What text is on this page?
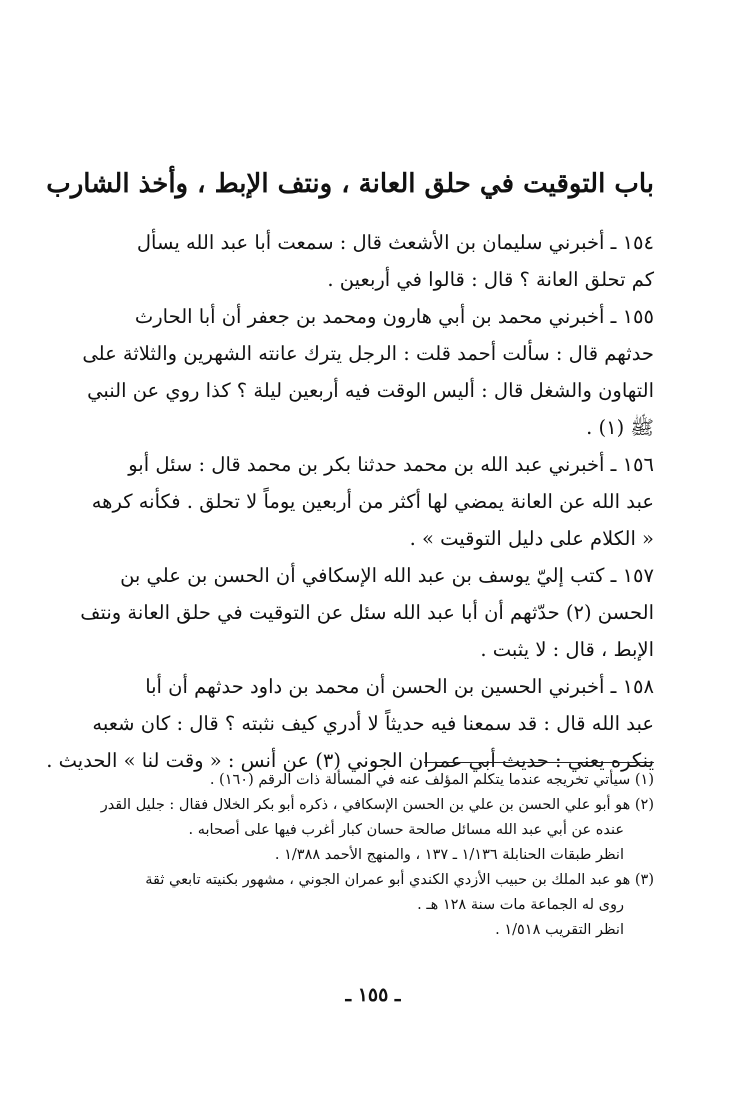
باب التوقيت في حلق العانة ، ونتف الإبط ، وأخذ الشارب
١٥٤ ـ أخبرني سليمان بن الأشعث قال : سمعت أبا عبد الله يسأل
كم تحلق العانة ؟ قال : قالوا في أربعين .
١٥٥ ـ أخبرني محمد بن أبي هارون ومحمد بن جعفر أن أبا الحارث
حدثهم قال : سألت أحمد قلت : الرجل يترك عانته الشهرين والثلاثة على
التهاون والشغل قال : أليس الوقت فيه أربعين ليلة ؟ كذا روي عن النبي
ﷺ (١) .
١٥٦ ـ أخبرني عبد الله بن محمد حدثنا بكر بن محمد قال : سئل أبو
عبد الله عن العانة يمضي لها أكثر من أربعين يوماً لا تحلق . فكأنه كرهه
« الكلام على دليل التوقيت » .
١٥٧ ـ كتب إليّ يوسف بن عبد الله الإسكافي أن الحسن بن علي بن
الحسن (٢) حدّثهم أن أبا عبد الله سئل عن التوقيت في حلق العانة ونتف
الإبط ، قال : لا يثبت .
١٥٨ ـ أخبرني الحسين بن الحسن أن محمد بن داود حدثهم أن أبا
عبد الله قال : قد سمعنا فيه حديثاً لا أدري كيف نثبته ؟ قال : كان شعبه
ينكره يعني : حديث أبي عمران الجوني (٣) عن أنس : « وقت لنا » الحديث .
(١) سيأتي تخريجه عندما يتكلم المؤلف عنه في المسألة ذات الرقم (١٦٠) .
(٢) هو أبو علي الحسن بن علي بن الحسن الإسكافي ، ذكره أبو بكر الخلال فقال : جليل القدر
عنده عن أبي عبد الله مسائل صالحة حسان كبار أغرب فيها على أصحابه .
انظر طبقات الحنابلة ١/١٣٦ ـ ١٣٧ ، والمنهج الأحمد ١/٣٨٨ .
(٣) هو عبد الملك بن حبيب الأزدي الكندي أبو عمران الجوني ، مشهور بكنيته تابعي ثقة
روى له الجماعة مات سنة ١٢٨ هـ .
انظر التقريب ١/٥١٨ .
ـ ١٥٥ ـ
